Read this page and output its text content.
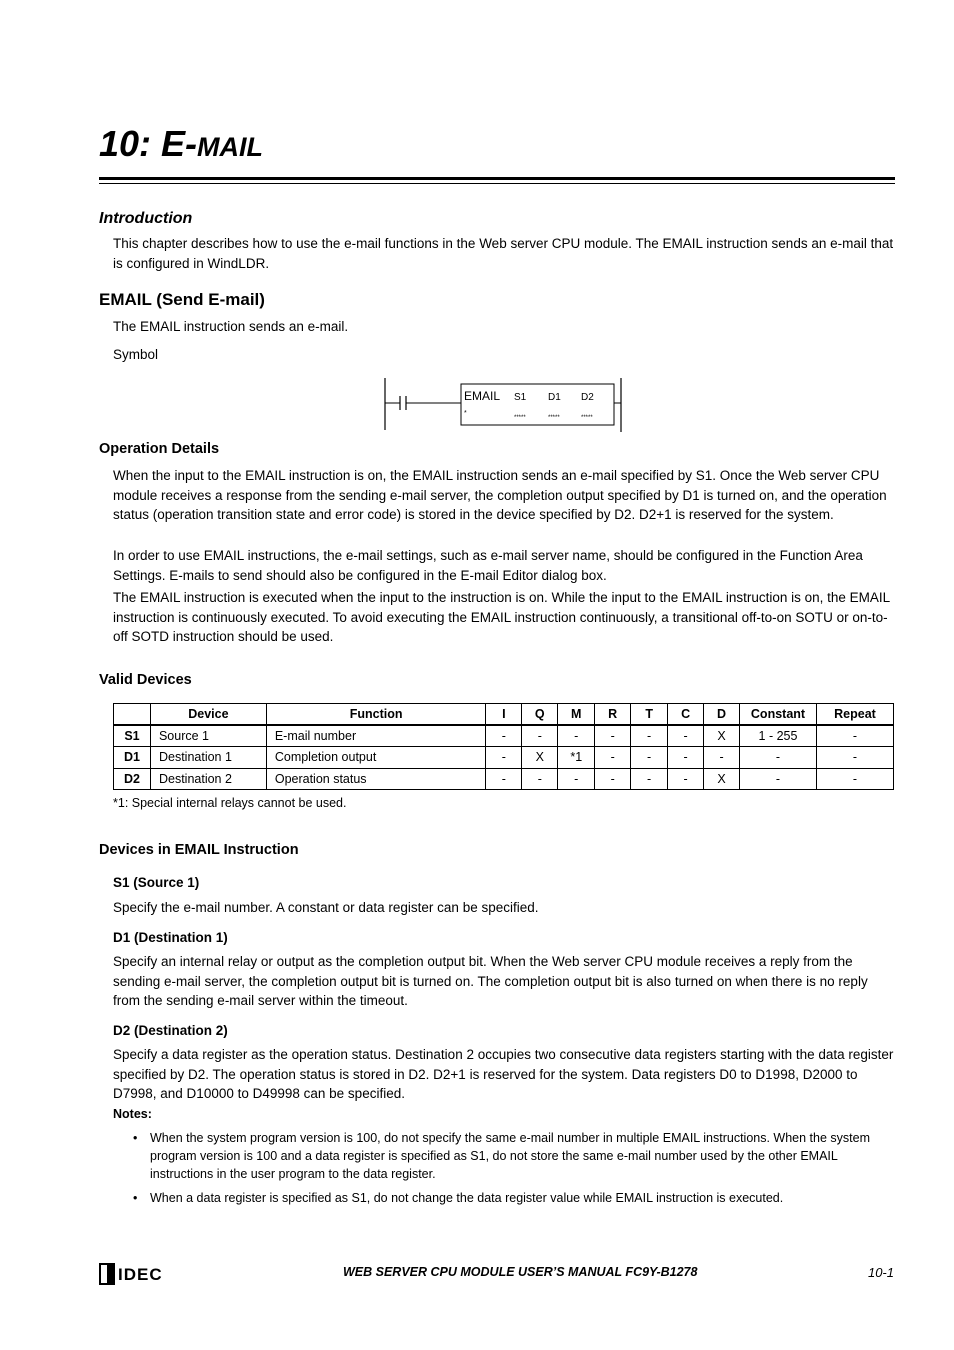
10: E-MAIL
Introduction
This chapter describes how to use the e-mail functions in the Web server CPU module. The EMAIL instruction sends an e-mail that is configured in WindLDR.
EMAIL (Send E-mail)
The EMAIL instruction sends an e-mail.
Symbol
EMAIL S1 D1 D2
*
*****	*****	*****
Operation Details
When the input to the EMAIL instruction is on, the EMAIL instruction sends an e-mail specified by S1. Once the Web server CPU module receives a response from the sending e-mail server, the completion output specified by D1 is turned on, and the operation status (operation transition state and error code) is stored in the device specified by D2. D2+1 is reserved for the system.
In order to use EMAIL instructions, the e-mail settings, such as e-mail server name, should be configured in the Function Area Settings. E-mails to send should also be configured in the E-mail Editor dialog box.
The EMAIL instruction is executed when the input to the instruction is on. While the input to the EMAIL instruction is on, the EMAIL instruction is continuously executed. To avoid executing the EMAIL instruction continuously, a transitional off-to-on SOTU or on-to-off SOTD instruction should be used.
Valid Devices
	Device	Function	I	Q	M	R	T	C	D	Constant	Repeat
S1	Source 1	E-mail number	-	-	-	-	-	-	X	1 - 255	-
D1	Destination 1	Completion output	-	X	*1	-	-	-	-	-	-
D2	Destination 2	Operation status	-	-	-	-	-	-	X	-	-
*1: Special internal relays cannot be used.
Devices in EMAIL Instruction
S1 (Source 1)
Specify the e-mail number. A constant or data register can be specified.
D1 (Destination 1)
Specify an internal relay or output as the completion output bit. When the Web server CPU module receives a reply from the sending e-mail server, the completion output bit is turned on. The completion output bit is also turned on when there is no reply from the sending e-mail server within the timeout.
D2 (Destination 2)
Specify a data register as the operation status. Destination 2 occupies two consecutive data registers starting with the data register specified by D2. The operation status is stored in D2. D2+1 is reserved for the system. Data registers D0 to D1998, D2000 to D7998, and D10000 to D49998 can be specified.
Notes:
• When the system program version is 100, do not specify the same e-mail number in multiple EMAIL instructions. When the system program version is 100 and a data register is specified as S1, do not store the same e-mail number used by the other EMAIL instructions in the user program to the data register.
• When a data register is specified as S1, do not change the data register value while EMAIL instruction is executed.
IDEC	WEB SERVER CPU MODULE USER’S MANUAL FC9Y-B1278	10-1
